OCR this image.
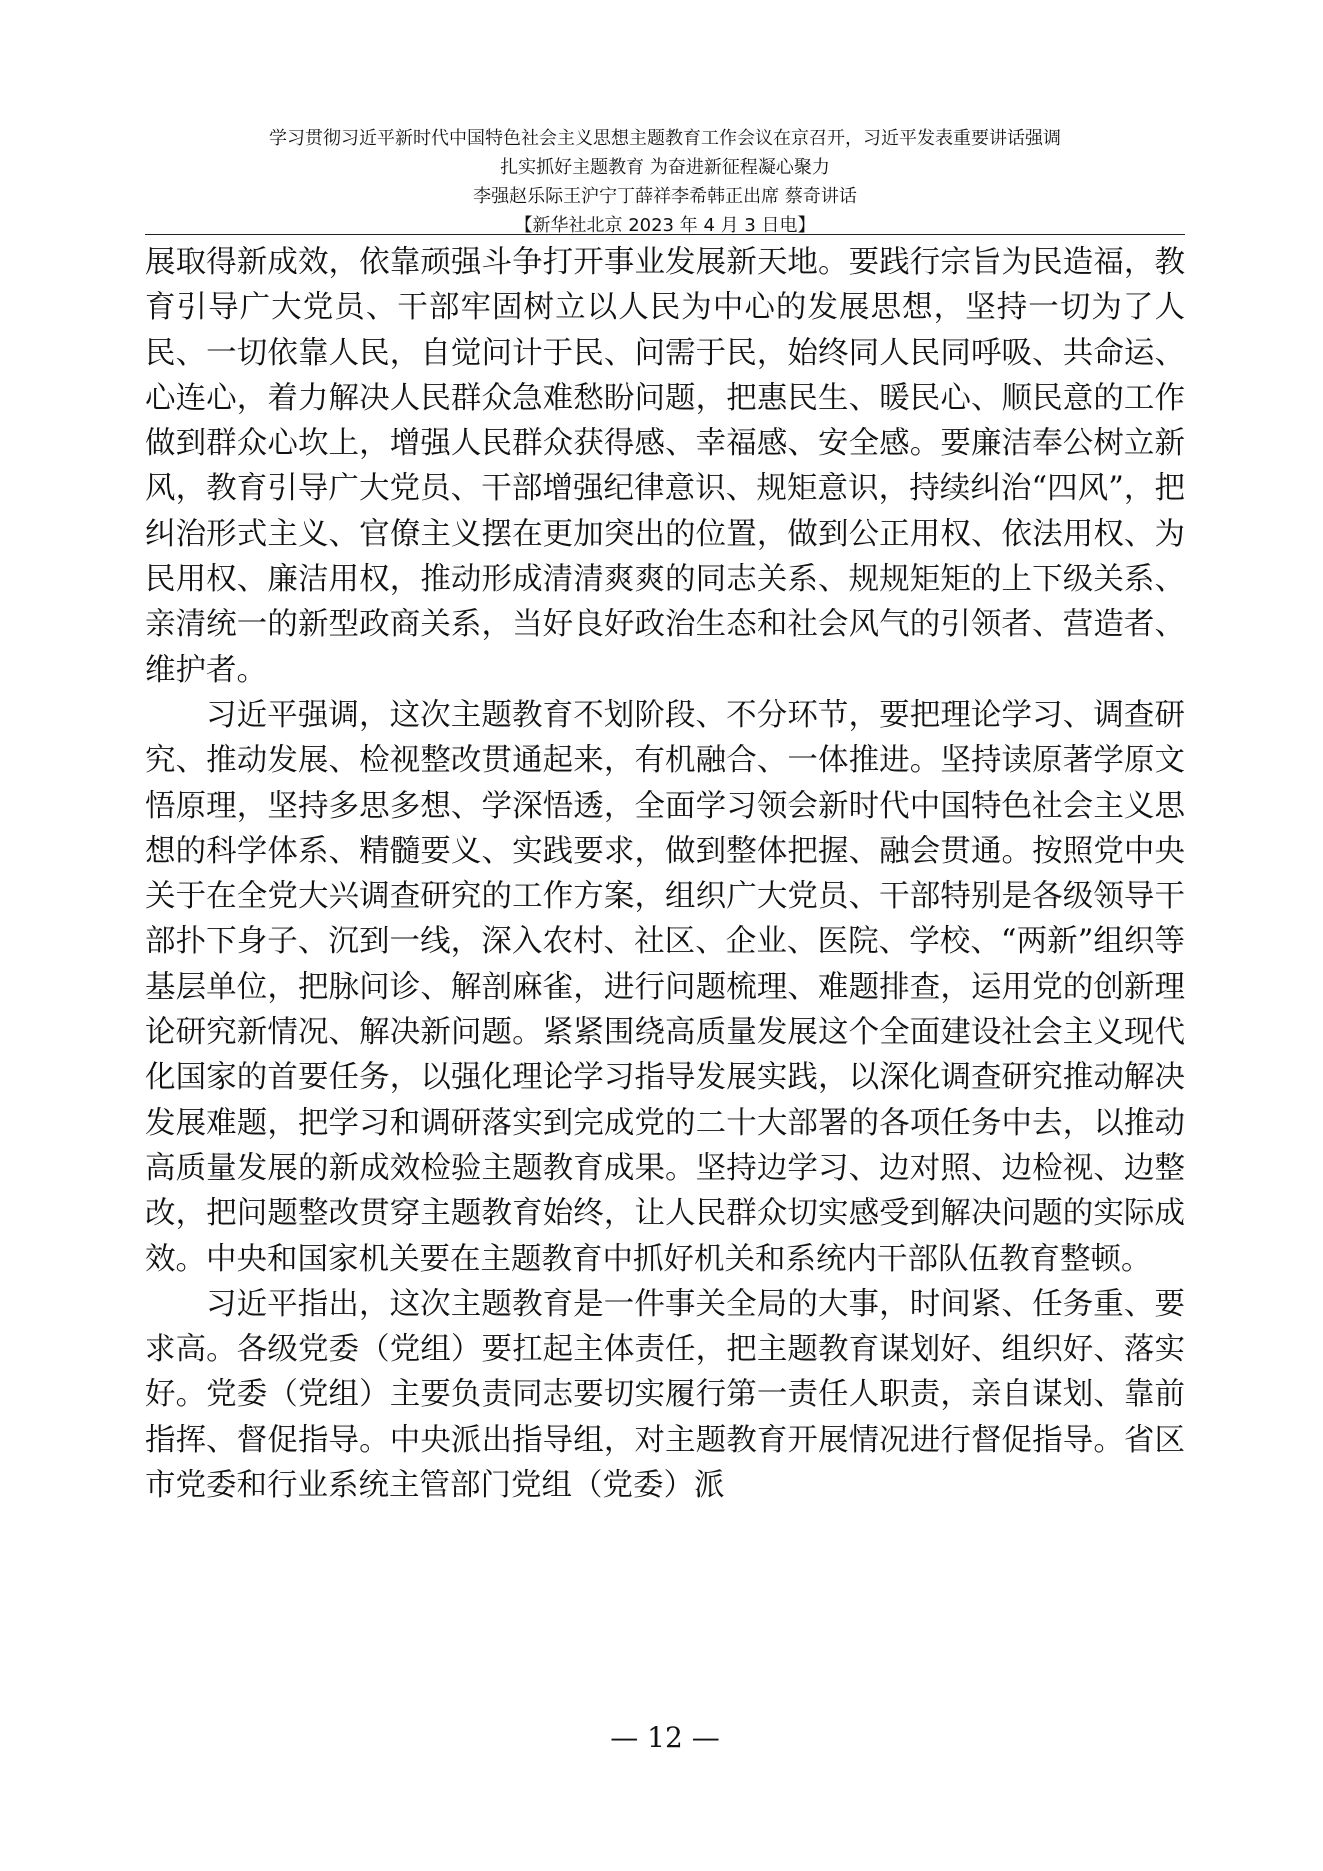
学习贯彻习近平新时代中国特色社会主义思想主题教育工作会议在京召开，习近平发表重要讲话强调
扎实抓好主题教育 为奋进新征程凝心聚力
李强赵乐际王沪宁丁薛祥李希韩正出席 蔡奇讲话
【新华社北京 2023 年 4 月 3 日电】

展取得新成效，依靠顽强斗争打开事业发展新天地。要践行宗旨为民造福，教育引导广大党员、干部牢固树立以人民为中心的发展思想，坚持一切为了人民、一切依靠人民，自觉问计于民、问需于民，始终同人民同呼吸、共命运、心连心，着力解决人民群众急难愁盼问题，把惠民生、暖民心、顺民意的工作做到群众心坎上，增强人民群众获得感、幸福感、安全感。要廉洁奉公树立新风，教育引导广大党员、干部增强纪律意识、规矩意识，持续纠治“四风”，把纠治形式主义、官僚主义摆在更加突出的位置，做到公正用权、依法用权、为民用权、廉洁用权，推动形成清清爽爽的同志关系、规规矩矩的上下级关系、亲清统一的新型政商关系，当好良好政治生态和社会风气的引领者、营造者、维护者。

习近平强调，这次主题教育不划阶段、不分环节，要把理论学习、调查研究、推动发展、检视整改贯通起来，有机融合、一体推进。坚持读原著学原文悟原理，坚持多思多想、学深悟透，全面学习领会新时代中国特色社会主义思想的科学体系、精髓要义、实践要求，做到整体把握、融会贯通。按照党中央关于在全党大兴调查研究的工作方案，组织广大党员、干部特别是各级领导干部扑下身子、沉到一线，深入农村、社区、企业、医院、学校、“两新”组织等基层单位，把脉问诊、解剖麻雀，进行问题梳理、难题排查，运用党的创新理论研究新情况、解决新问题。紧紧围绕高质量发展这个全面建设社会主义现代化国家的首要任务，以强化理论学习指导发展实践，以深化调查研究推动解决发展难题，把学习和调研落实到完成党的二十大部署的各项任务中去，以推动高质量发展的新成效检验主题教育成果。坚持边学习、边对照、边检视、边整改，把问题整改贯穿主题教育始终，让人民群众切实感受到解决问题的实际成效。中央和国家机关要在主题教育中抓好机关和系统内干部队伍教育整顿。

习近平指出，这次主题教育是一件事关全局的大事，时间紧、任务重、要求高。各级党委（党组）要扛起主体责任，把主题教育谋划好、组织好、落实好。党委（党组）主要负责同志要切实履行第一责任人职责，亲自谋划、靠前指挥、督促指导。中央派出指导组，对主题教育开展情况进行督促指导。省区市党委和行业系统主管部门党组（党委）派

— 12 —
